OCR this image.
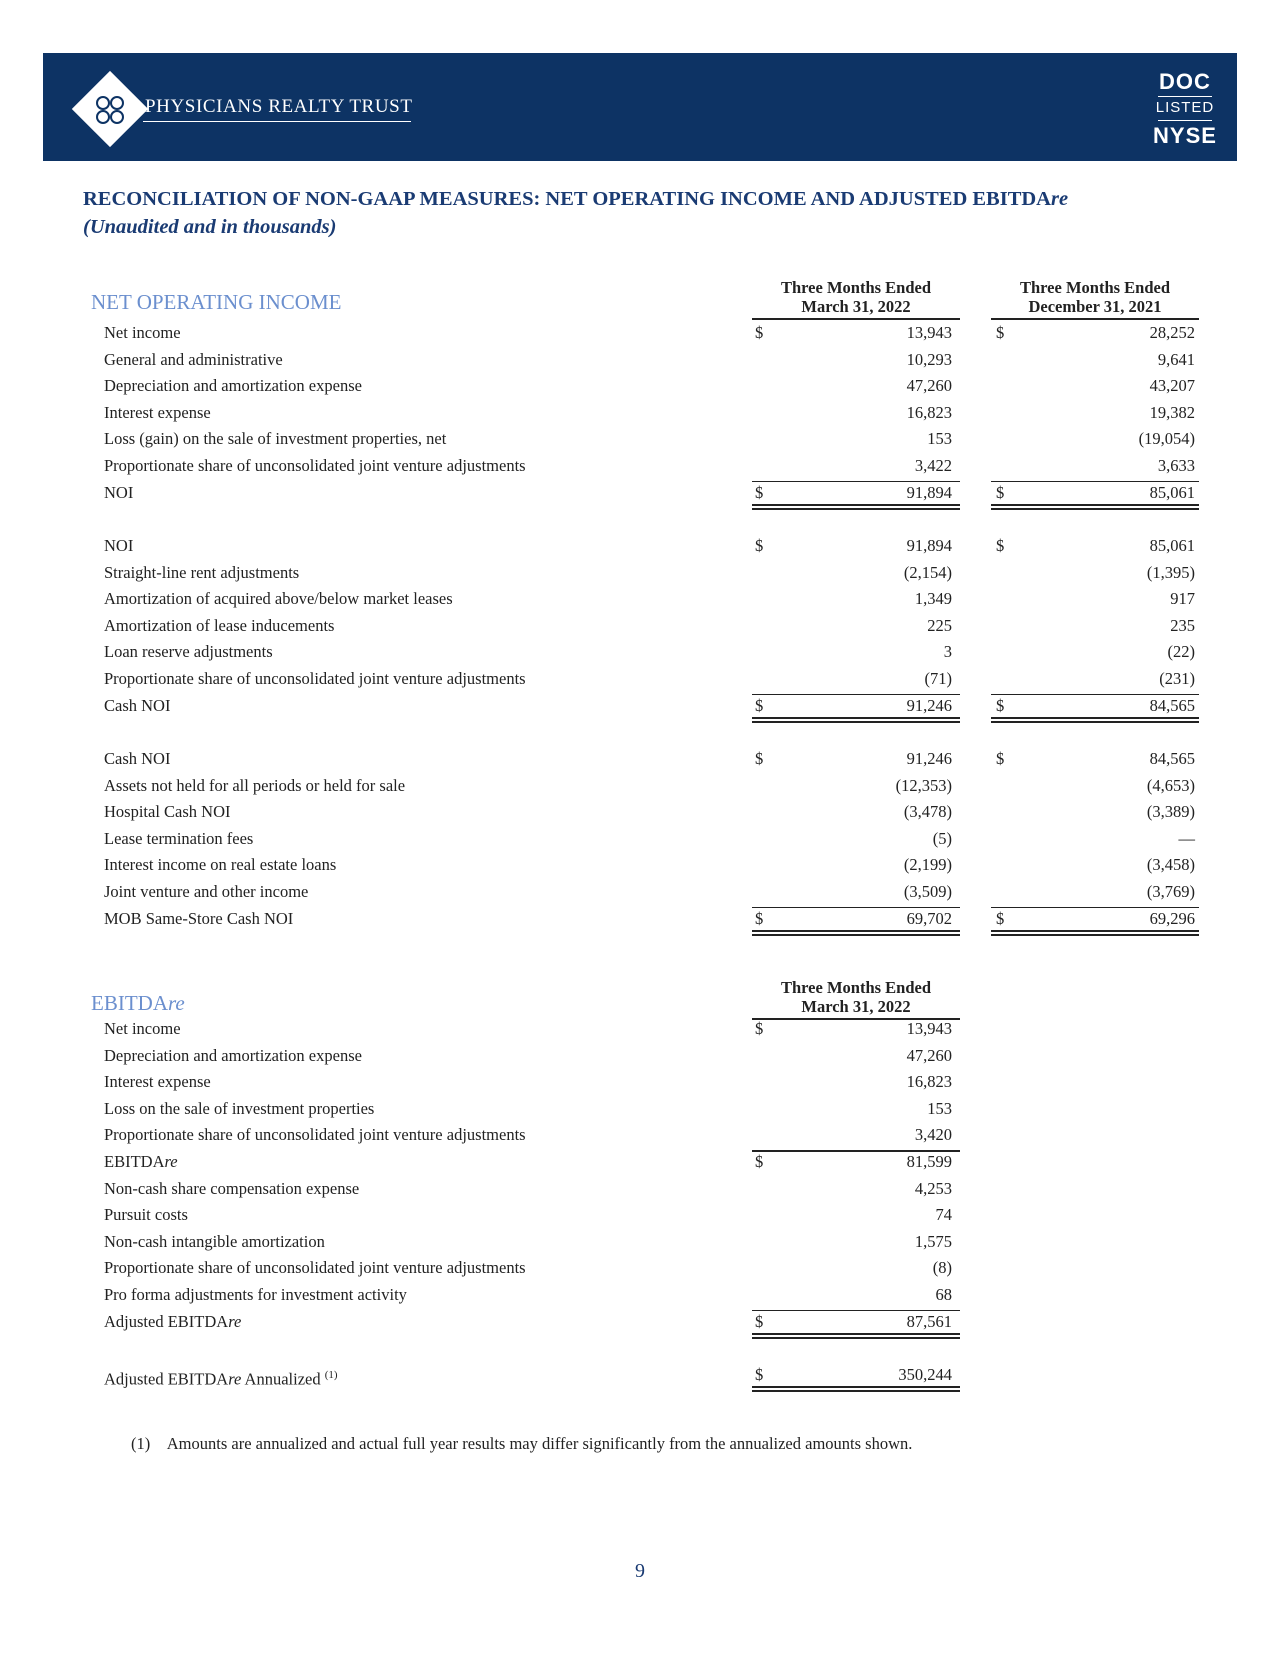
PHYSICIANS REALTY TRUST
DOC
LISTED
NYSE
RECONCILIATION OF NON-GAAP MEASURES: NET OPERATING INCOME AND ADJUSTED EBITDAre
(Unaudited and in thousands)
NET OPERATING INCOME
Three Months Ended
March 31, 2022
Three Months Ended
December 31, 2021
Net income	$	13,943	$	28,252
General and administrative	10,293	9,641
Depreciation and amortization expense	47,260	43,207
Interest expense	16,823	19,382
Loss (gain) on the sale of investment properties, net	153	(19,054)
Proportionate share of unconsolidated joint venture adjustments	3,422	3,633
NOI	$	91,894	$	85,061
NOI	$	91,894	$	85,061
Straight-line rent adjustments	(2,154)	(1,395)
Amortization of acquired above/below market leases	1,349	917
Amortization of lease inducements	225	235
Loan reserve adjustments	3	(22)
Proportionate share of unconsolidated joint venture adjustments	(71)	(231)
Cash NOI	$	91,246	$	84,565
Cash NOI	$	91,246	$	84,565
Assets not held for all periods or held for sale	(12,353)	(4,653)
Hospital Cash NOI	(3,478)	(3,389)
Lease termination fees	(5)	—
Interest income on real estate loans	(2,199)	(3,458)
Joint venture and other income	(3,509)	(3,769)
MOB Same-Store Cash NOI	$	69,702	$	69,296
EBITDAre
Three Months Ended
March 31, 2022
Net income	$	13,943
Depreciation and amortization expense	47,260
Interest expense	16,823
Loss on the sale of investment properties	153
Proportionate share of unconsolidated joint venture adjustments	3,420
EBITDAre	$	81,599
Non-cash share compensation expense	4,253
Pursuit costs	74
Non-cash intangible amortization	1,575
Proportionate share of unconsolidated joint venture adjustments	(8)
Pro forma adjustments for investment activity	68
Adjusted EBITDAre	$	87,561
Adjusted EBITDAre Annualized $^{(1)}$	$	350,244
(1) Amounts are annualized and actual full year results may differ significantly from the annualized amounts shown.
9
